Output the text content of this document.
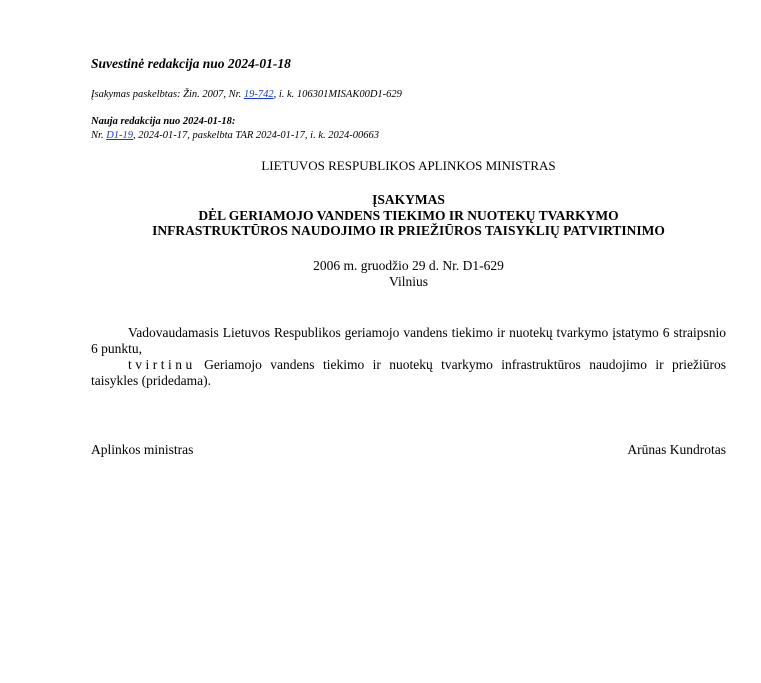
Suvestinė redakcija nuo 2024-01-18
Įsakymas paskelbtas: Žin. 2007, Nr. 19-742, i. k. 106301MISAK00D1-629
Nauja redakcija nuo 2024-01-18:
Nr. D1-19, 2024-01-17, paskelbta TAR 2024-01-17, i. k. 2024-00663
LIETUVOS RESPUBLIKOS APLINKOS MINISTRAS
ĮSAKYMAS
DĖL GERIAMOJO VANDENS TIEKIMO IR NUOTEKŲ TVARKYMO
INFRASTRUKTŪROS NAUDOJIMO IR PRIEŽIŪROS TAISYKLIŲ PATVIRTINIMO
2006 m. gruodžio 29 d. Nr. D1-629
Vilnius
Vadovaudamasis Lietuvos Respublikos geriamojo vandens tiekimo ir nuotekų tvarkymo įstatymo 6 straipsnio 6 punktu,
tvirtinu Geriamojo vandens tiekimo ir nuotekų tvarkymo infrastruktūros naudojimo ir priežiūros taisykles (pridedama).
Aplinkos ministras	Arūnas Kundrotas
